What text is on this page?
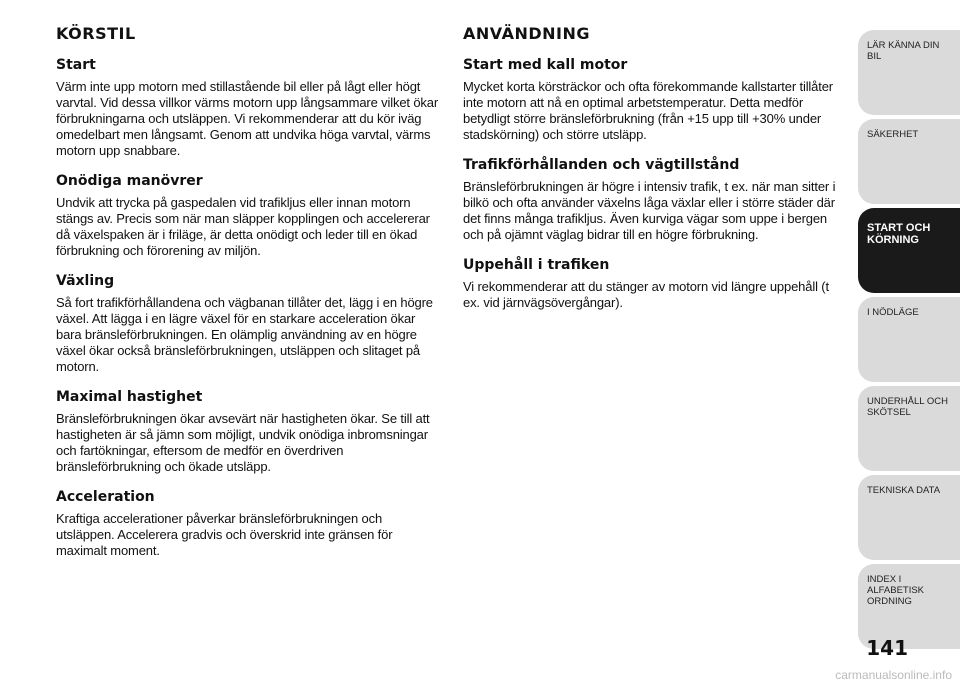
KÖRSTIL
Start
Värm inte upp motorn med stillastående bil eller på lågt eller högt varvtal. Vid dessa villkor värms motorn upp långsammare vilket ökar förbrukningarna och utsläppen. Vi rekommenderar att du kör iväg omedelbart men långsamt. Genom att undvika höga varvtal, värms motorn upp snabbare.
Onödiga manövrer
Undvik att trycka på gaspedalen vid trafikljus eller innan motorn stängs av. Precis som när man släpper kopplingen och accelererar då växelspaken är i friläge, är detta onödigt och leder till en ökad förbrukning och förorening av miljön.
Växling
Så fort trafikförhållandena och vägbanan tillåter det, lägg i en högre växel. Att lägga i en lägre växel för en starkare acceleration ökar bara bränsleförbrukningen. En olämplig användning av en högre växel ökar också bränsleförbrukningen, utsläppen och slitaget på motorn.
Maximal hastighet
Bränsleförbrukningen ökar avsevärt när hastigheten ökar. Se till att hastigheten är så jämn som möjligt, undvik onödiga inbromsningar och fartökningar, eftersom de medför en överdriven bränsleförbrukning och ökade utsläpp.
Acceleration
Kraftiga accelerationer påverkar bränsleförbrukningen och utsläppen. Accelerera gradvis och överskrid inte gränsen för maximalt moment.
ANVÄNDNING
Start med kall motor
Mycket korta körsträckor och ofta förekommande kallstarter tillåter inte motorn att nå en optimal arbetstemperatur. Detta medför betydligt större bränsleförbrukning (från +15 upp till +30% under stadskörning) och större utsläpp.
Trafikförhållanden och vägtillstånd
Bränsleförbrukningen är högre i intensiv trafik, t ex. när man sitter i bilkö och ofta använder växelns låga växlar eller i större städer där det finns många trafikljus. Även kurviga vägar som uppe i bergen och på ojämnt väglag bidrar till en högre förbrukning.
Uppehåll i trafiken
Vi rekommenderar att du stänger av motorn vid längre uppehåll (t ex. vid järnvägsövergångar).
LÄR KÄNNA DIN BIL
SÄKERHET
START OCH KÖRNING
I NÖDLÄGE
UNDERHÅLL OCH SKÖTSEL
TEKNISKA DATA
INDEX I ALFABETISK ORDNING
141
carmanualsonline.info
